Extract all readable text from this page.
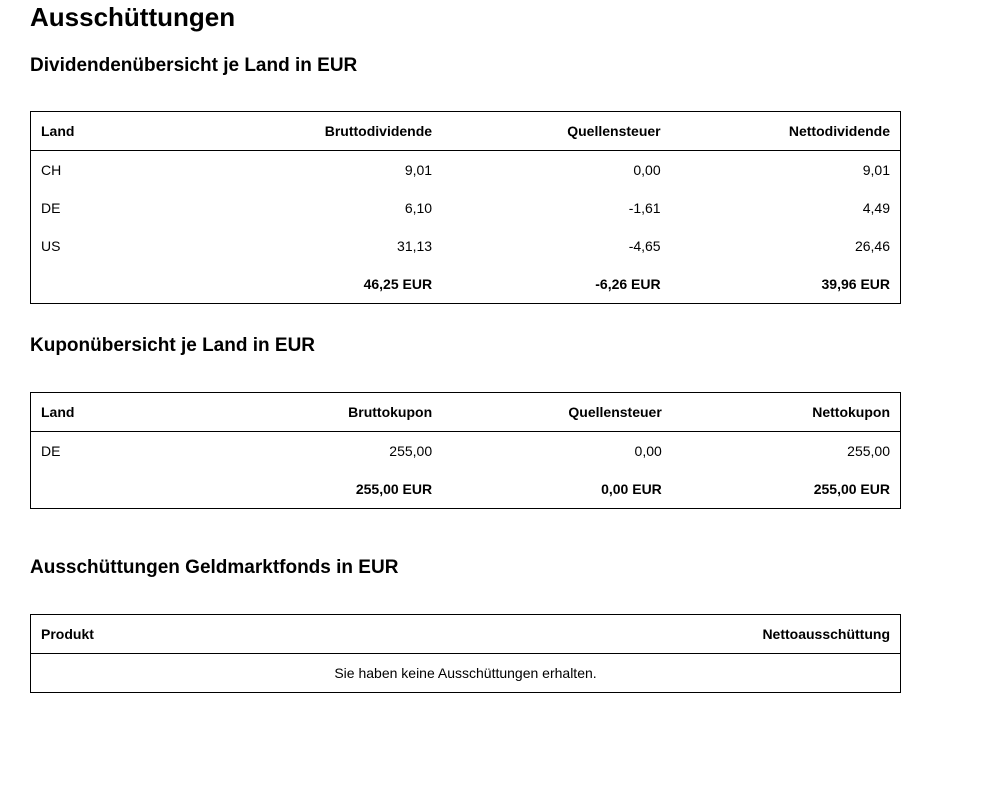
Ausschüttungen
Dividendenübersicht je Land in EUR
Land	Bruttodividende	Quellensteuer	Nettodividende
CH	9,01	0,00	9,01
DE	6,10	-1,61	4,49
US	31,13	-4,65	26,46
	46,25 EUR	-6,26 EUR	39,96 EUR
Kuponübersicht je Land in EUR
Land	Bruttokupon	Quellensteuer	Nettokupon
DE	255,00	0,00	255,00
	255,00 EUR	0,00 EUR	255,00 EUR
Ausschüttungen Geldmarktfonds in EUR
Produkt	Nettoausschüttung
Sie haben keine Ausschüttungen erhalten.
